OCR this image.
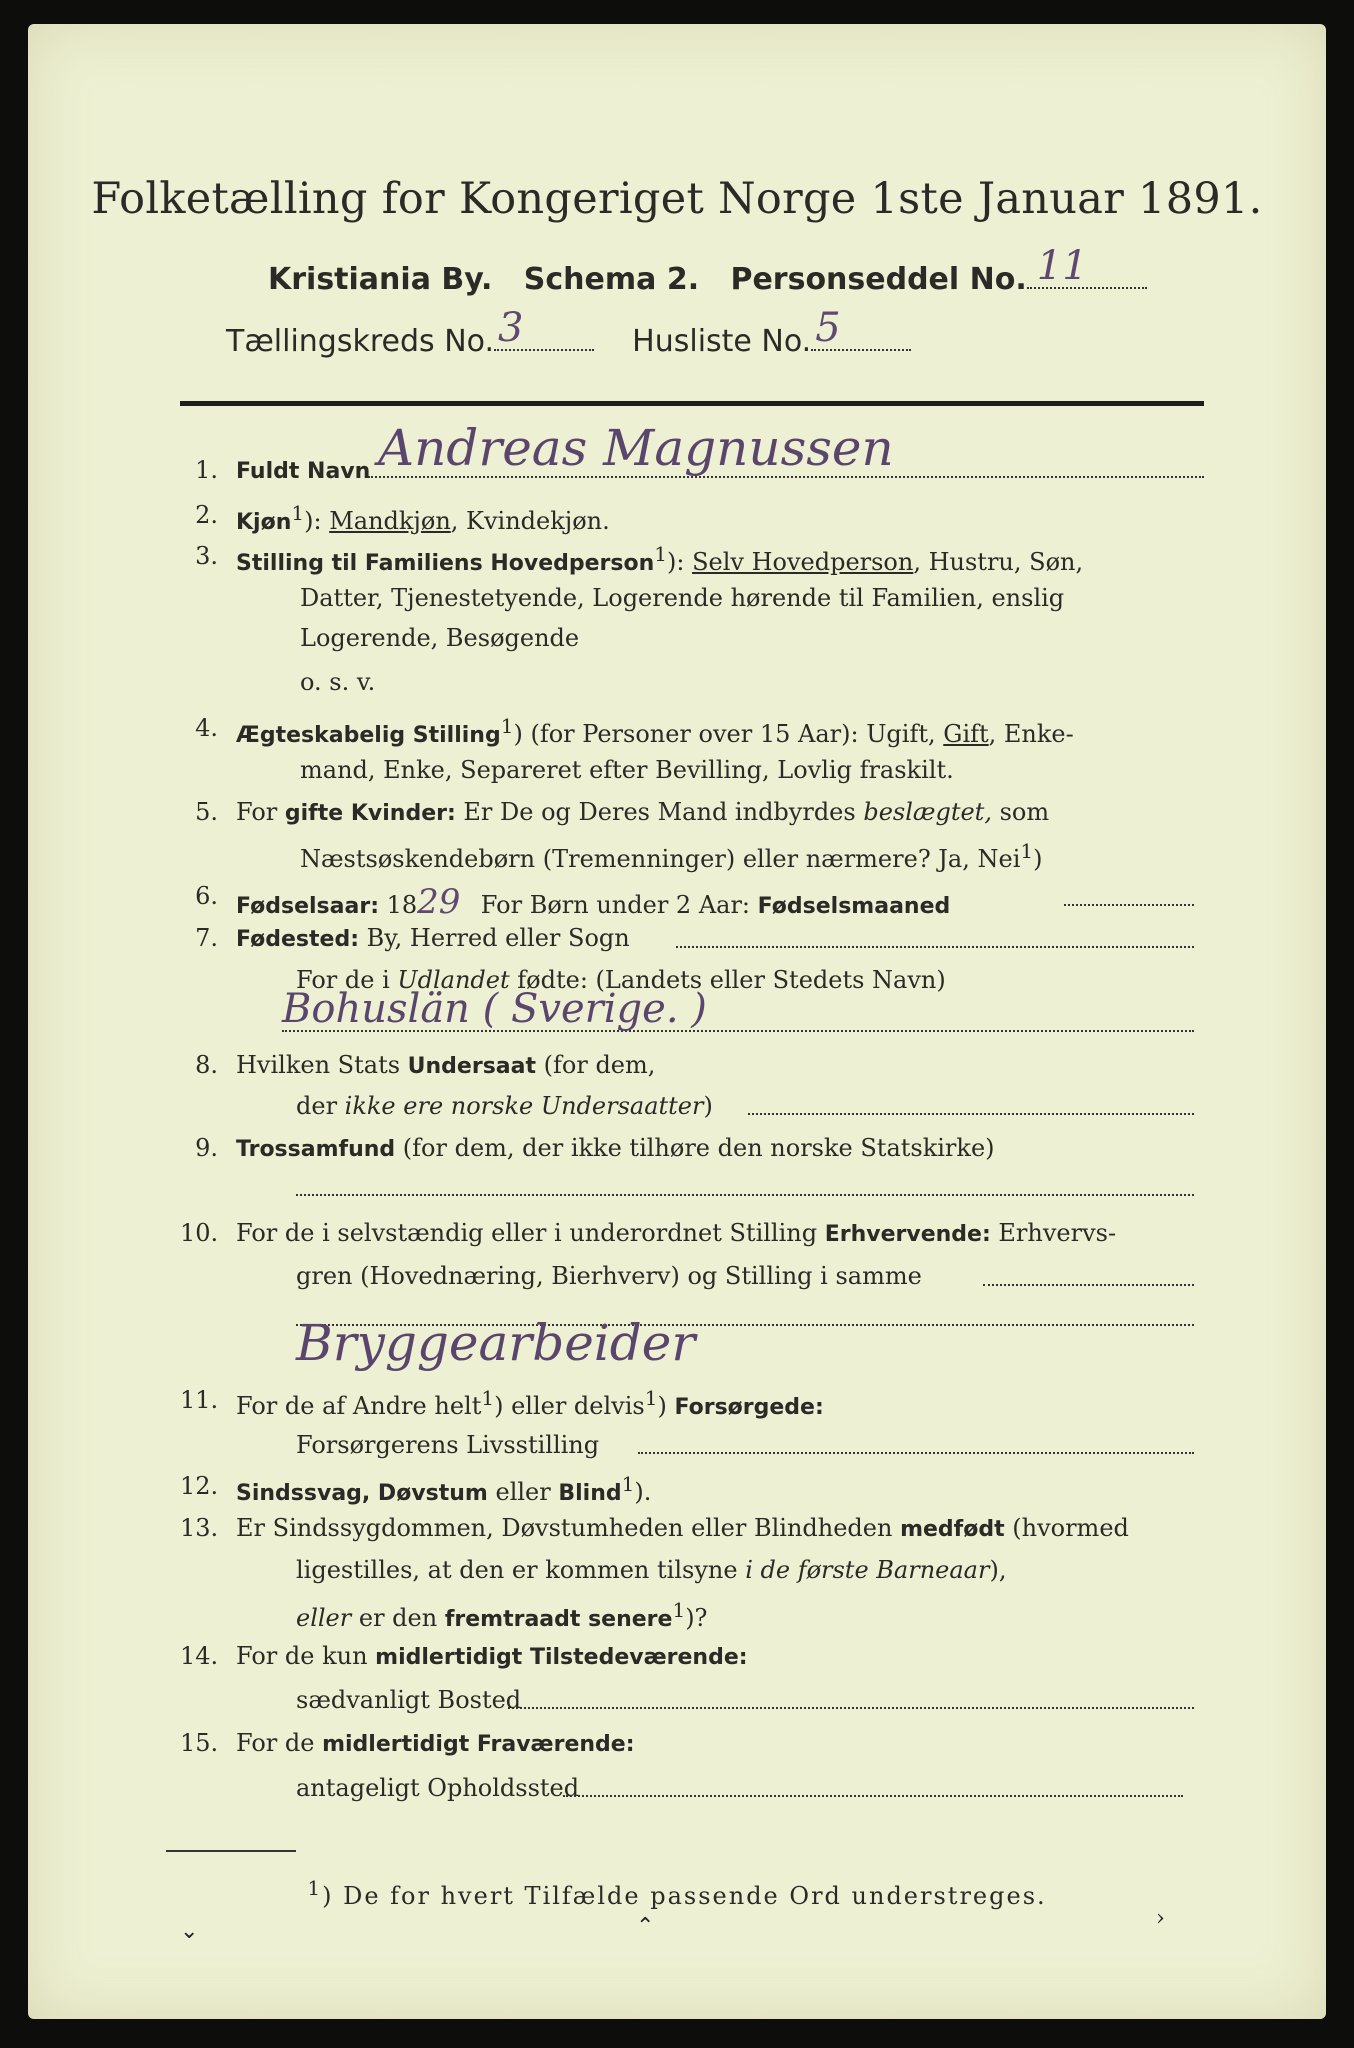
Folketælling for Kongeriget Norge 1ste Januar 1891.
Kristiania By. Schema 2. Personseddel No. 11
Tællingskreds No. 3	Husliste No. 5
1. Fuldt Navn Andreas Magnussen
2. Kjøn$^1$): Mandkjøn, Kvindekjøn.
3. Stilling til Familiens Hovedperson$^1$): Selv Hovedperson, Hustru, Søn,
Datter, Tjenestetyende, Logerende hørende til Familien, enslig
Logerende, Besøgende
o. s. v.
4. Ægteskabelig Stilling$^1$) (for Personer over 15 Aar): Ugift, Gift, Enke-
mand, Enke, Separeret efter Bevilling, Lovlig fraskilt.
5. For gifte Kvinder: Er De og Deres Mand indbyrdes beslægtet, som
Næstsøskendebørn (Tremenninger) eller nærmere? Ja, Nei$^1$)
6. Fødselsaar: 1829 For Børn under 2 Aar: Fødselsmaaned
7. Fødested: By, Herred eller Sogn
For de i Udlandet fødte: (Landets eller Stedets Navn)
Bohuslän ( Sverige. )
8. Hvilken Stats Undersaat (for dem,
der ikke ere norske Undersaatter)
9. Trossamfund (for dem, der ikke tilhøre den norske Statskirke)
10. For de i selvstændig eller i underordnet Stilling Erhvervende: Erhvervs-
gren (Hovednæring, Bierhverv) og Stilling i samme
Bryggearbeider
11. For de af Andre helt$^1$) eller delvis$^1$) Forsørgede:
Forsørgerens Livsstilling
12. Sindssvag, Døvstum eller Blind$^1$).
13. Er Sindssygdommen, Døvstumheden eller Blindheden medfødt (hvormed
ligestilles, at den er kommen tilsyne i de første Barneaar),
eller er den fremtraadt senere$^1$)?
14. For de kun midlertidigt Tilstedeværende:
sædvanligt Bosted
15. For de midlertidigt Fraværende:
antageligt Opholdssted
$^1$) De for hvert Tilfælde passende Ord understreges.
⌄	⌃	›
